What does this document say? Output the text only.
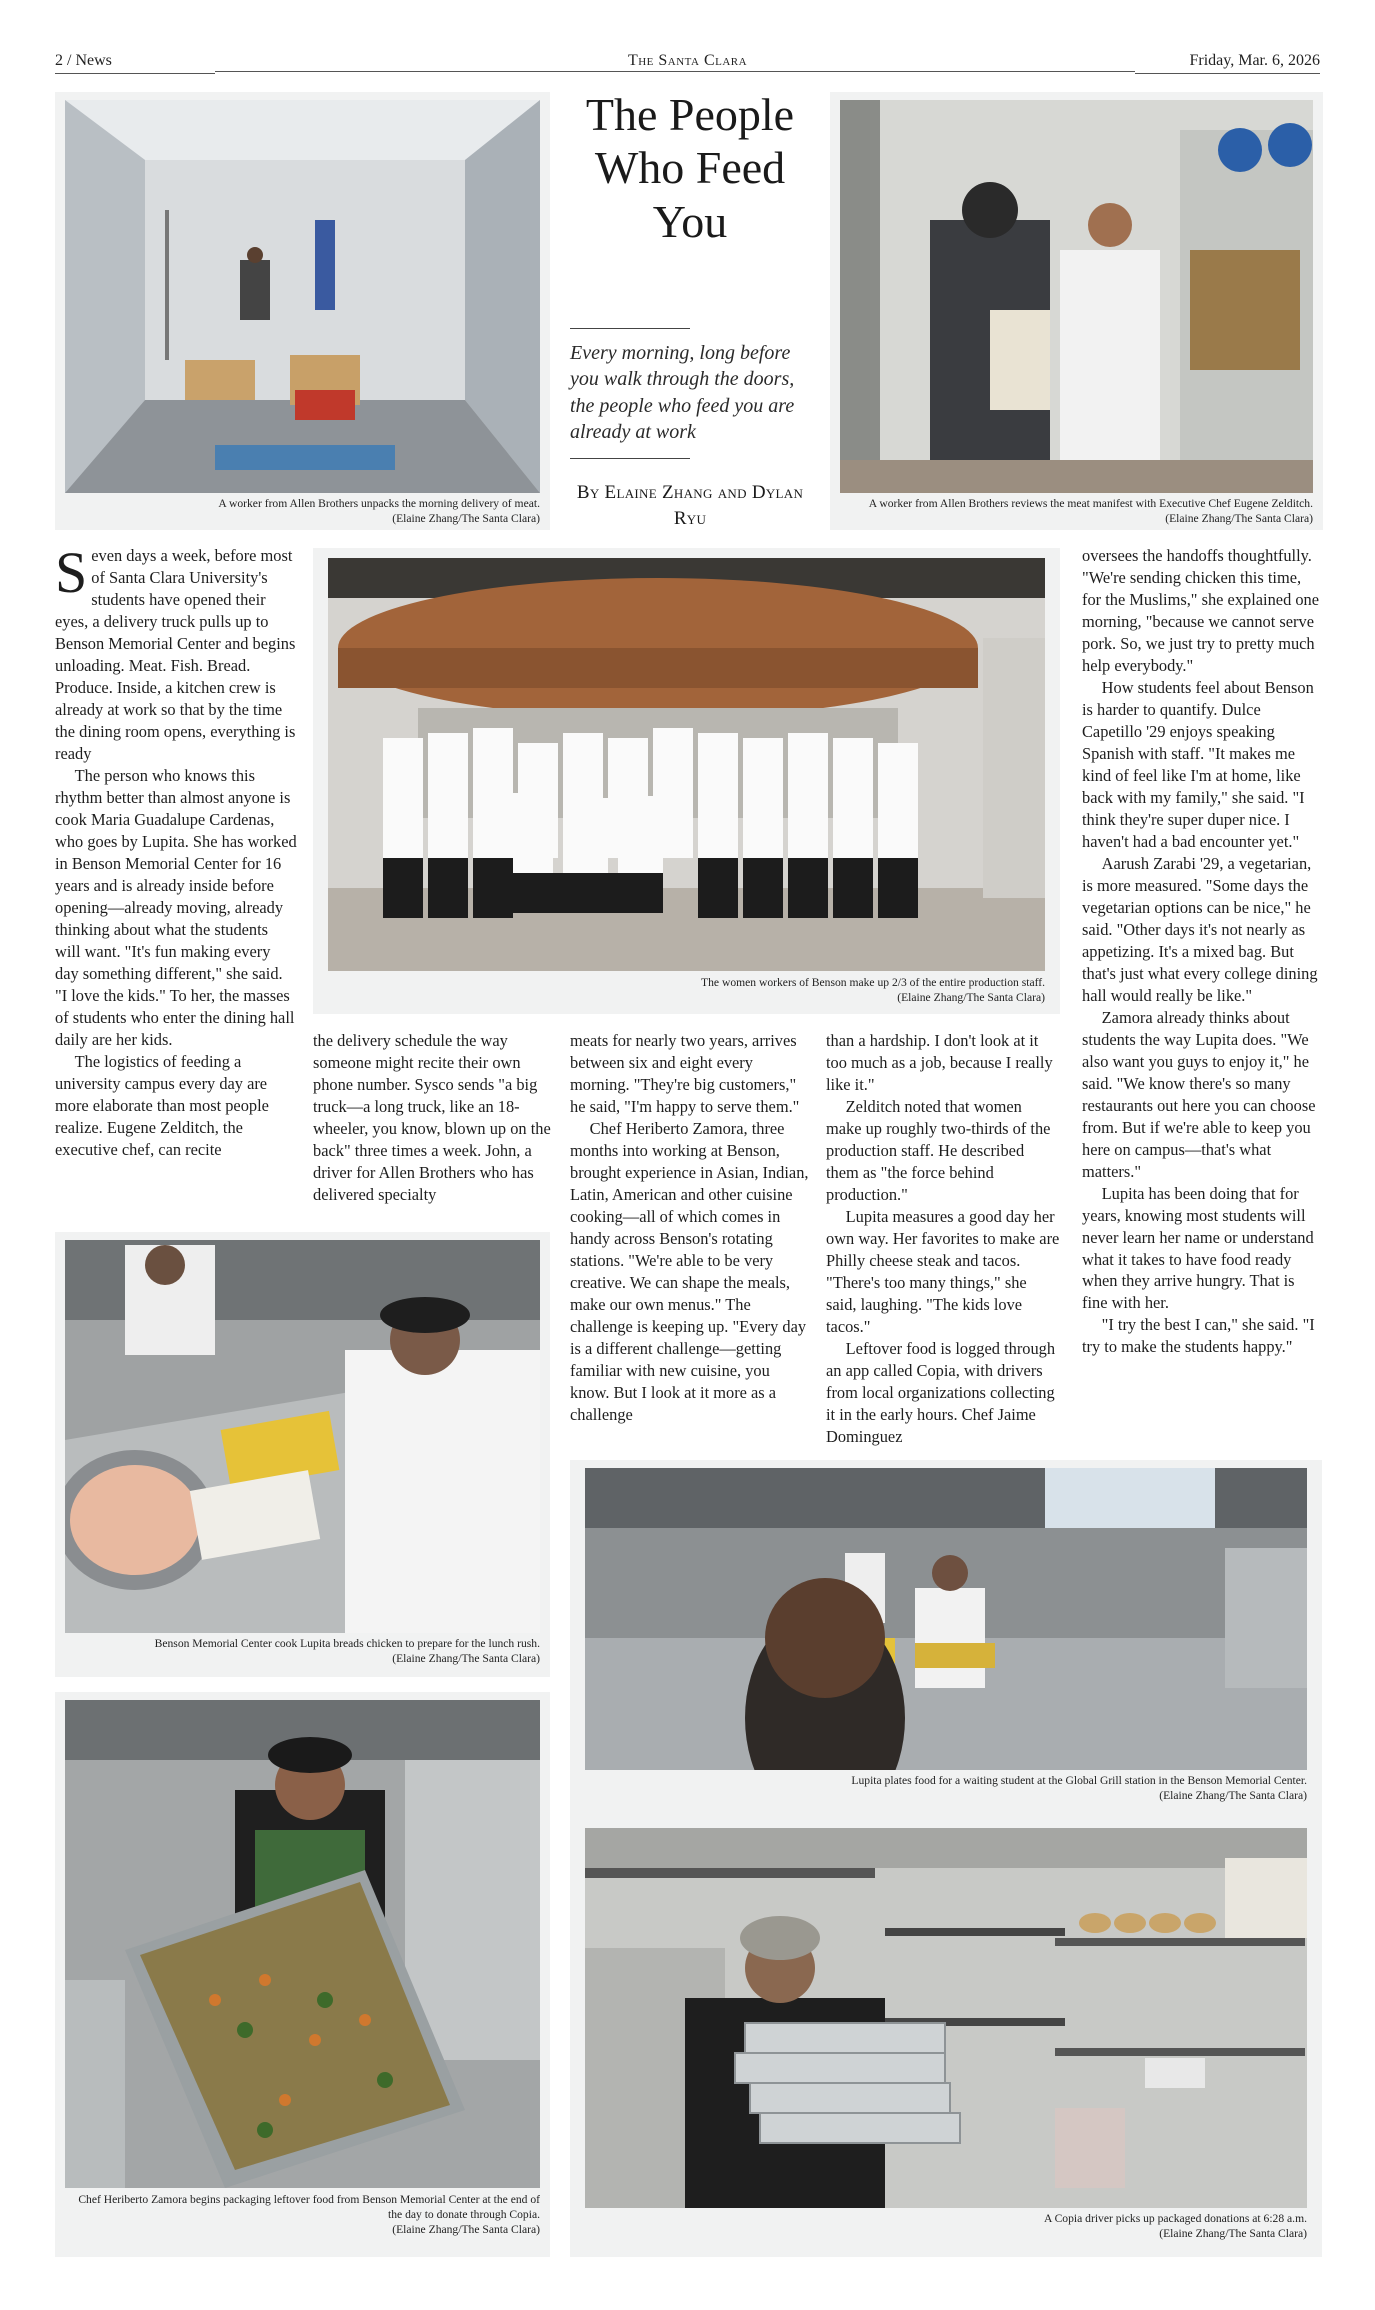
2 / News	The Santa Clara	Friday, Mar. 6, 2026
A worker from Allen Brothers unpacks the morning delivery of meat.
(Elaine Zhang/The Santa Clara)
The People Who Feed You
Every morning, long before you walk through the doors, the people who feed you are already at work
By Elaine Zhang and Dylan Ryu
A worker from Allen Brothers reviews the meat manifest with Executive Chef Eugene Zelditch.
(Elaine Zhang/The Santa Clara)
The women workers of Benson make up 2/3 of the entire production staff.
(Elaine Zhang/The Santa Clara)

Seven days a week, before most of Santa Clara University's students have opened their eyes, a delivery truck pulls up to Benson Memorial Center and begins unloading. Meat. Fish. Bread. Produce. Inside, a kitchen crew is already at work so that by the time the dining room opens, everything is ready

The person who knows this rhythm better than almost anyone is cook Maria Guadalupe Cardenas, who goes by Lupita. She has worked in Benson Memorial Center for 16 years and is already inside before opening—already moving, already thinking about what the students will want. "It's fun making every day something different," she said. "I love the kids." To her, the masses of students who enter the dining hall daily are her kids.

The logistics of feeding a university campus every day are more elaborate than most people realize. Eugene Zelditch, the executive chef, can recite

the delivery schedule the way someone might recite their own phone number. Sysco sends "a big truck—a long truck, like an 18-wheeler, you know, blown up on the back" three times a week. John, a driver for Allen Brothers who has delivered specialty

meats for nearly two years, arrives between six and eight every morning. "They're big customers," he said, "I'm happy to serve them."

Chef Heriberto Zamora, three months into working at Benson, brought experience in Asian, Indian, Latin, American and other cuisine cooking—all of which comes in handy across Benson's rotating stations. "We're able to be very creative. We can shape the meals, make our own menus." The challenge is keeping up. "Every day is a different challenge—getting familiar with new cuisine, you know. But I look at it more as a challenge

than a hardship. I don't look at it too much as a job, because I really like it."

Zelditch noted that women make up roughly two-thirds of the production staff. He described them as "the force behind production."

Lupita measures a good day her own way. Her favorites to make are Philly cheese steak and tacos. "There's too many things," she said, laughing. "The kids love tacos."

Leftover food is logged through an app called Copia, with drivers from local organizations collecting it in the early hours. Chef Jaime Dominguez

oversees the handoffs thoughtfully. "We're sending chicken this time, for the Muslims," she explained one morning, "because we cannot serve pork. So, we just try to pretty much help everybody."

How students feel about Benson is harder to quantify. Dulce Capetillo '29 enjoys speaking Spanish with staff. "It makes me kind of feel like I'm at home, like back with my family," she said. "I think they're super duper nice. I haven't had a bad encounter yet."

Aarush Zarabi '29, a vegetarian, is more measured. "Some days the vegetarian options can be nice," he said. "Other days it's not nearly as appetizing. It's a mixed bag. But that's just what every college dining hall would really be like."

Zamora already thinks about students the way Lupita does. "We also want you guys to enjoy it," he said. "We know there's so many restaurants out here you can choose from. But if we're able to keep you here on campus—that's what matters."

Lupita has been doing that for years, knowing most students will never learn her name or understand what it takes to have food ready when they arrive hungry. That is fine with her.

"I try the best I can," she said. "I try to make the students happy."

Benson Memorial Center cook Lupita breads chicken to prepare for the lunch rush.
(Elaine Zhang/The Santa Clara)
Lupita plates food for a waiting student at the Global Grill station in the Benson Memorial Center.
(Elaine Zhang/The Santa Clara)
Chef Heriberto Zamora begins packaging leftover food from Benson Memorial Center at the end of the day to donate through Copia.
(Elaine Zhang/The Santa Clara)
A Copia driver picks up packaged donations at 6:28 a.m.
(Elaine Zhang/The Santa Clara)
